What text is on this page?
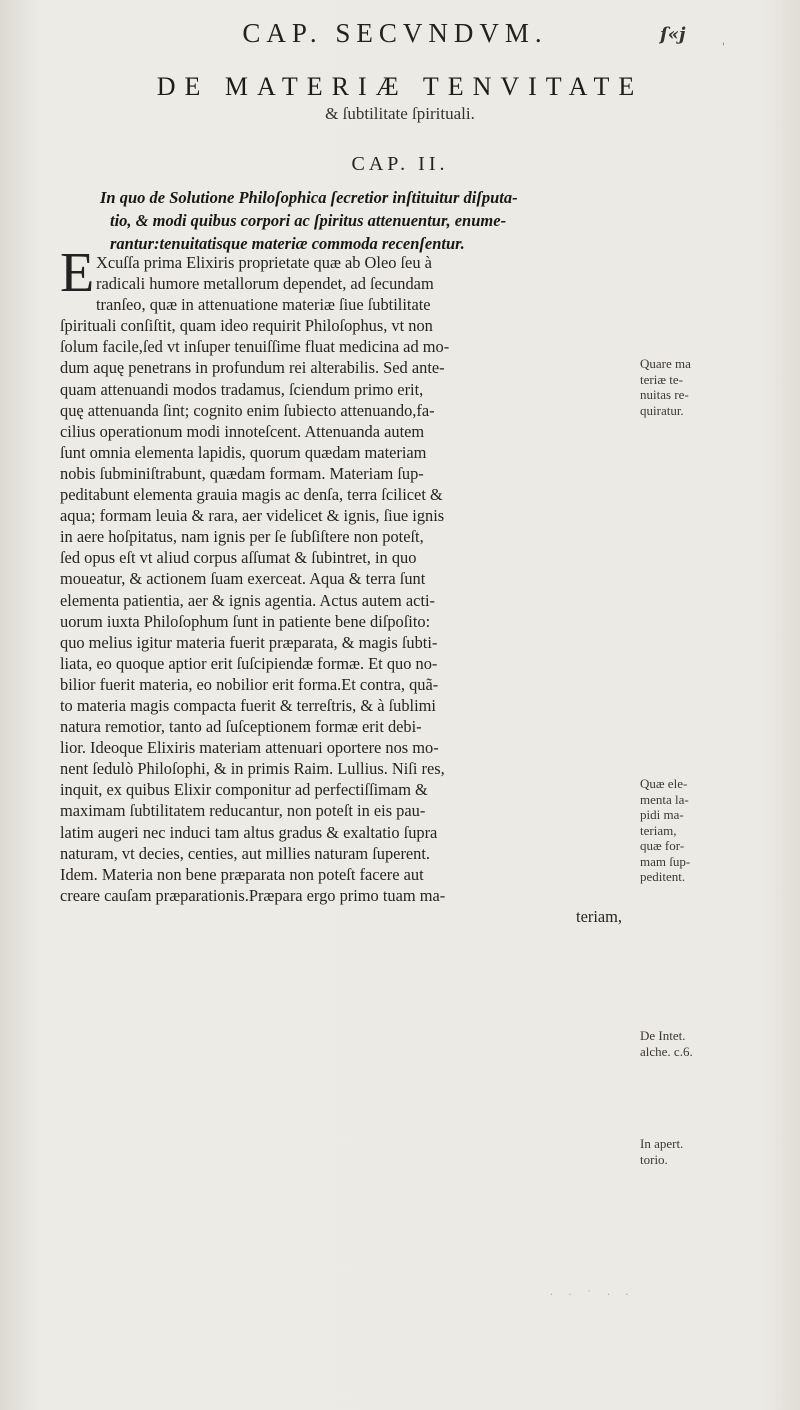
CAP. SECVNDVM.	ſ«j
'
DE MATERIÆ TENVITATE
& ſubtilitate ſpirituali.
CAP. II.
In quo de Solutione Philoſophica ſecretior inſtituitur diſputa-
tio, & modi quibus corpori ac ſpiritus attenuentur, enume-
rantur:tenuitatisque materiæ commoda recenſentur.
E Xcuſſa prima Elixiris proprietate quæ ab Oleo ſeu à
radicali humore metallorum dependet, ad ſecundam
tranſeo, quæ in attenuatione materiæ ſiue ſubtilitate
ſpirituali conſiſtit, quam ideo requirit Philoſophus, vt non
ſolum facile,ſed vt inſuper tenuiſſime fluat medicina ad mo-
dum aquę penetrans in profundum rei alterabilis. Sed ante-
quam attenuandi modos tradamus, ſciendum primo erit,
quę attenuanda ſint; cognito enim ſubiecto attenuando,fa-
cilius operationum modi innoteſcent. Attenuanda autem
ſunt omnia elementa lapidis, quorum quædam materiam
nobis ſubminiſtrabunt, quædam formam. Materiam ſup-
peditabunt elementa grauia magis ac denſa, terra ſcilicet &
aqua; formam leuia & rara, aer videlicet & ignis, ſiue ignis
in aere hoſpitatus, nam ignis per ſe ſubſiſtere non poteſt,
ſed opus eſt vt aliud corpus aſſumat & ſubintret, in quo
moueatur, & actionem ſuam exerceat. Aqua & terra ſunt
elementa patientia, aer & ignis agentia. Actus autem acti-
uorum iuxta Philoſophum ſunt in patiente bene diſpoſito:
quo melius igitur materia fuerit præparata, & magis ſubti-
liata, eo quoque aptior erit ſuſcipiendæ formæ. Et quo no-
bilior fuerit materia, eo nobilior erit forma.Et contra, quã-
to materia magis compacta fuerit & terreſtris, & à ſublimi
natura remotior, tanto ad ſuſceptionem formæ erit debi-
lior. Ideoque Elixiris materiam attenuari oportere nos mo-
nent ſedulò Philoſophi, & in primis Raim. Lullius. Niſi res,
inquit, ex quibus Elixir componitur ad perfectiſſimam &
maximam ſubtilitatem reducantur, non poteſt in eis pau-
latim augeri nec induci tam altus gradus & exaltatio ſupra
naturam, vt decies, centies, aut millies naturam ſuperent.
Idem. Materia non bene præparata non poteſt facere aut
creare cauſam præparationis.Præpara ergo primo tuam ma-
teriam,
Quare ma
teriæ te-
nuitas re-
quiratur.
Quæ ele-
menta la-
pidi ma-
teriam,
quæ for-
mam ſup-
peditent.
De Intet.
alche. c.6.
In apert.
torio.
· · ˙ · ·
